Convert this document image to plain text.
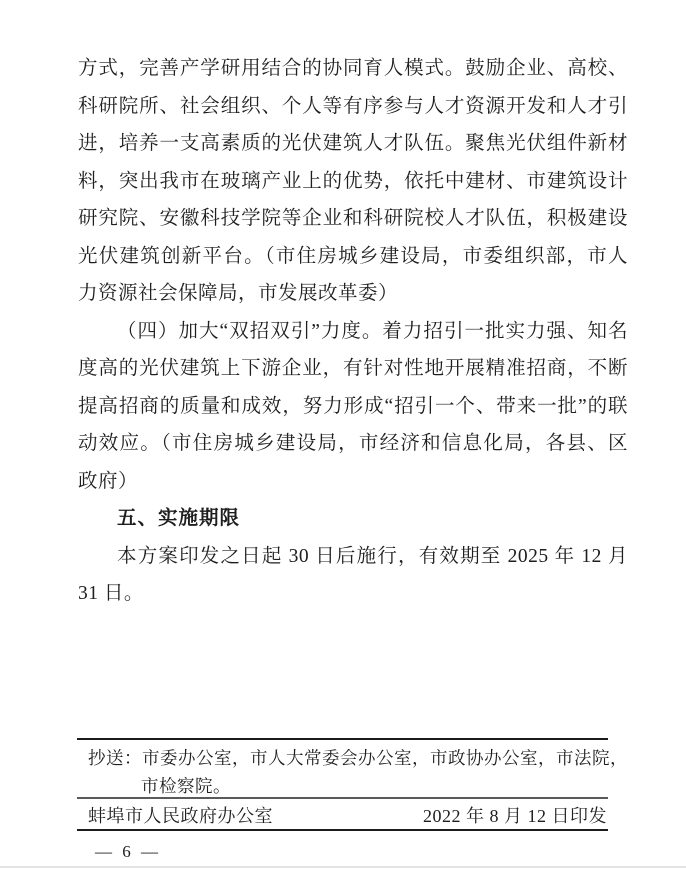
方式，完善产学研用结合的协同育人模式。鼓励企业、高校、科研院所、社会组织、个人等有序参与人才资源开发和人才引进，培养一支高素质的光伏建筑人才队伍。聚焦光伏组件新材料，突出我市在玻璃产业上的优势，依托中建材、市建筑设计研究院、安徽科技学院等企业和科研院校人才队伍，积极建设光伏建筑创新平台。（市住房城乡建设局，市委组织部，市人力资源社会保障局，市发展改革委）

（四）加大“双招双引”力度。着力招引一批实力强、知名度高的光伏建筑上下游企业，有针对性地开展精准招商，不断提高招商的质量和成效，努力形成“招引一个、带来一批”的联动效应。（市住房城乡建设局，市经济和信息化局，各县、区政府）

五、实施期限

本方案印发之日起 30 日后施行，有效期至 2025 年 12 月 31 日。

抄送：市委办公室，市人大常委会办公室，市政协办公室，市法院，市检察院。
蚌埠市人民政府办公室	2022 年 8 月 12 日印发
— 6 —
